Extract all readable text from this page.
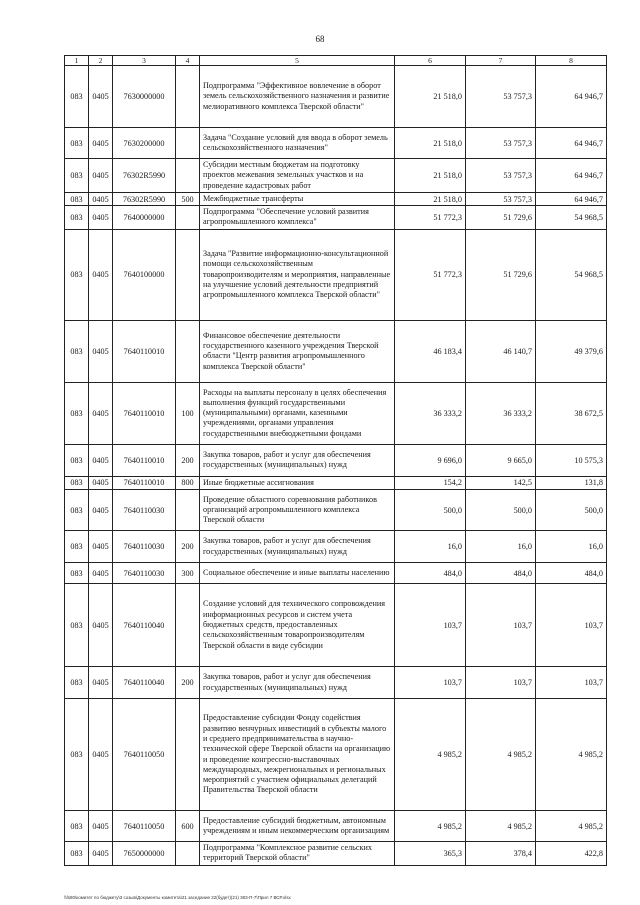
68
1	2	3	4	5	6	7	8
083	0405	7630000000		Подпрограмма "Эффективное вовлечение в оборот земель сельскохозяйственного назначения и развитие мелиоративного комплекса Тверской области"	21 518,0	53 757,3	64 946,7
083	0405	7630200000		Задача "Создание условий для ввода в оборот земель сельскохозяйственного назначения"	21 518,0	53 757,3	64 946,7
083	0405	76302R5990		Субсидии местным бюджетам на подготовку проектов межевания земельных участков и на проведение кадастровых работ	21 518,0	53 757,3	64 946,7
083	0405	76302R5990	500	Межбюджетные трансферты	21 518,0	53 757,3	64 946,7
083	0405	7640000000		Подпрограмма "Обеспечение условий развития агропромышленного комплекса"	51 772,3	51 729,6	54 968,5
083	0405	7640100000		Задача "Развитие информационно-консультационной помощи сельскохозяйственным товаропроизводителям и мероприятия, направленные на улучшение условий деятельности предприятий агропромышленного комплекса Тверской области"	51 772,3	51 729,6	54 968,5
083	0405	7640110010		Финансовое обеспечение деятельности государственного казенного учреждения Тверской области "Центр развития агропромышленного комплекса Тверской области"	46 183,4	46 140,7	49 379,6
083	0405	7640110010	100	Расходы на выплаты персоналу в целях обеспечения выполнения функций государственными (муниципальными) органами, казенными учреждениями, органами управления государственными внебюджетными фондами	36 333,2	36 333,2	38 672,5
083	0405	7640110010	200	Закупка товаров, работ и услуг для обеспечения государственных (муниципальных) нужд	9 696,0	9 665,0	10 575,3
083	0405	7640110010	800	Иные бюджетные ассигнования	154,2	142,5	131,8
083	0405	7640110030		Проведение областного соревнования работников организаций агропромышленного комплекса Тверской области	500,0	500,0	500,0
083	0405	7640110030	200	Закупка товаров, работ и услуг для обеспечения государственных (муниципальных) нужд	16,0	16,0	16,0
083	0405	7640110030	300	Социальное обеспечение и иные выплаты населению	484,0	484,0	484,0
083	0405	7640110040		Создание условий для технического сопровождения информационных ресурсов и систем учета бюджетных средств, предоставленных сельскохозяйственным товаропроизводителям Тверской области в виде субсидии	103,7	103,7	103,7
083	0405	7640110040	200	Закупка товаров, работ и услуг для обеспечения государственных (муниципальных) нужд	103,7	103,7	103,7
083	0405	7640110050		Предоставление субсидии Фонду содействия развитию венчурных инвестиций в субъекты малого и среднего предпринимательства в научно-технической сфере Тверской области на организацию и проведение конгрессно-выставочных международных, межрегиональных и региональных мероприятий с участием официальных делегаций Правительства Тверской области	4 985,2	4 985,2	4 985,2
083	0405	7640110050	600	Предоставление субсидий бюджетным, автономным учреждениям и иным некоммерческим организациям	4 985,2	4 985,2	4 985,2
083	0405	7650000000		Подпрограмма "Комплексное развитие сельских территорий Тверской области"	365,3	378,4	422,8
\\fs80\комитет по бюджету\3 созыв\Документы комитета\21 заседание 22(будет)(21) 383-П-7\Прил 7 ВСР.xlsx
